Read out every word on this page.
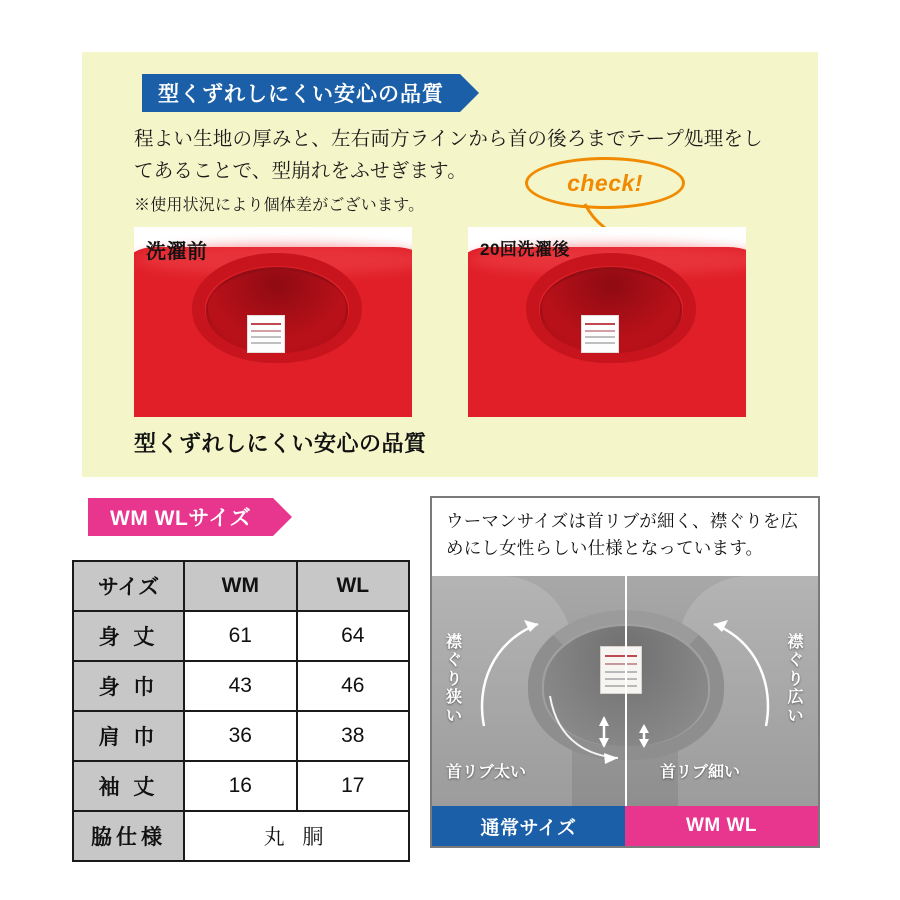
型くずれしにくい安心の品質
程よい生地の厚みと、左右両方ラインから首の後ろまでテープ処理をしてあることで、型崩れをふせぎます。
※使用状況により個体差がございます。
check!
洗濯前	20回洗濯後
型くずれしにくい安心の品質
WM WLサイズ
サイズ	WM	WL
身 丈	61	64
身 巾	43	46
肩 巾	36	38
袖 丈	16	17
脇仕様	丸 胴	
ウーマンサイズは首リブが細く、襟ぐりを広めにし女性らしい仕様となっています。
襟ぐり狭い
襟ぐり広い
首リブ太い	首リブ細い
通常サイズ	WM WL
